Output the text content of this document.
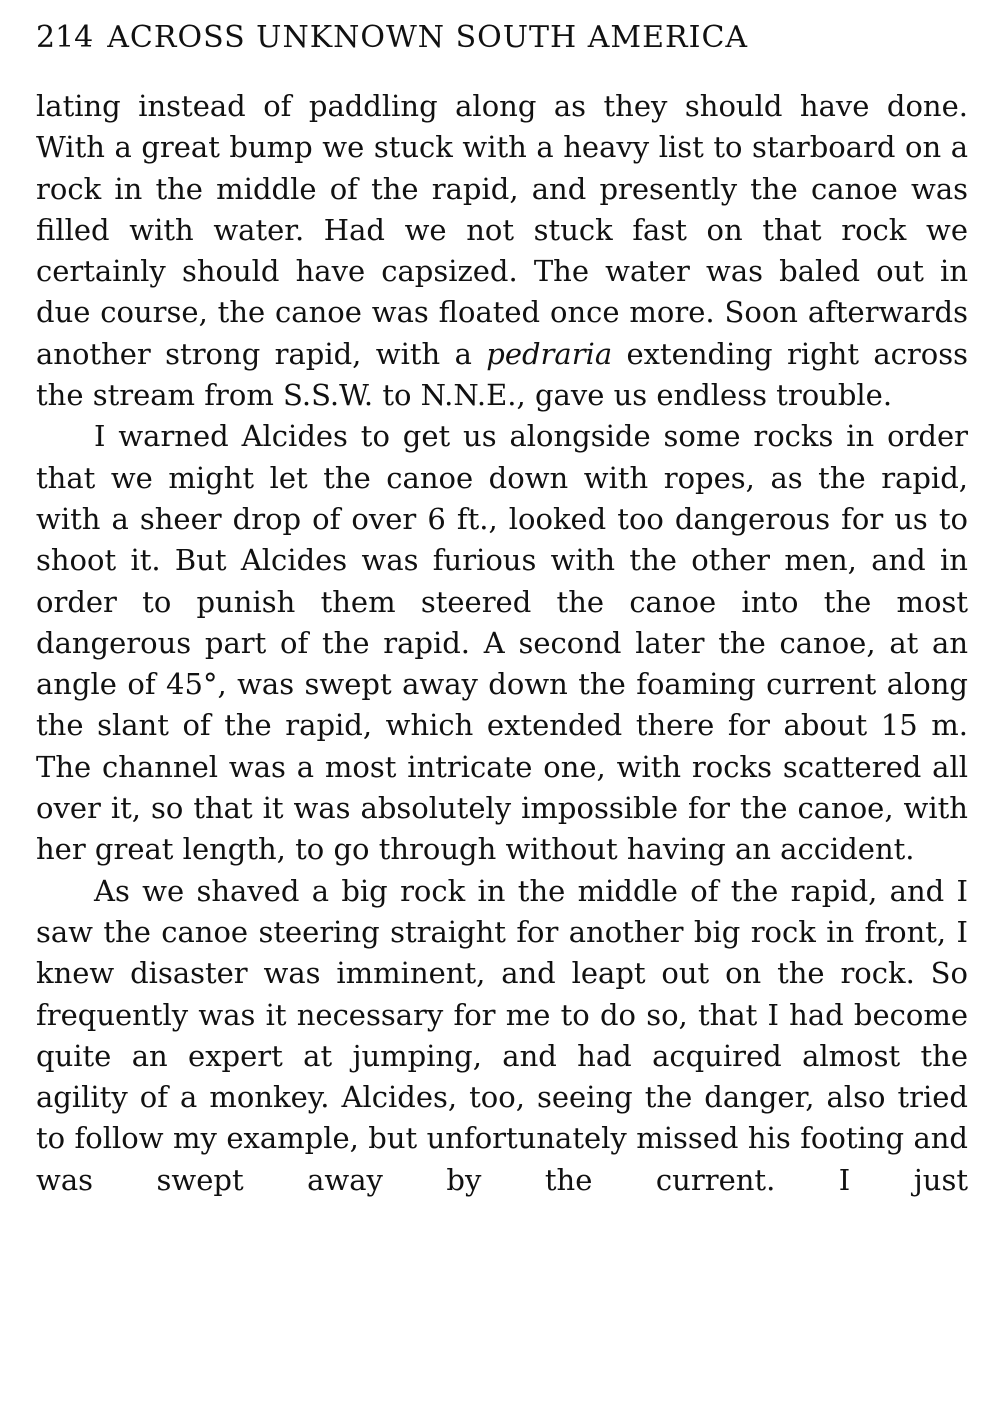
214 ACROSS UNKNOWN SOUTH AMERICA

lating instead of paddling along as they should have done. With a great bump we stuck with a heavy list to starboard on a rock in the middle of the rapid, and presently the canoe was filled with water. Had we not stuck fast on that rock we certainly should have capsized. The water was baled out in due course, the canoe was floated once more. Soon afterwards another strong rapid, with a pedraria extending right across the stream from S.S.W. to N.N.E., gave us endless trouble.

I warned Alcides to get us alongside some rocks in order that we might let the canoe down with ropes, as the rapid, with a sheer drop of over 6 ft., looked too dangerous for us to shoot it. But Alcides was furious with the other men, and in order to punish them steered the canoe into the most dangerous part of the rapid. A second later the canoe, at an angle of 45°, was swept away down the foaming current along the slant of the rapid, which extended there for about 15 m. The channel was a most intricate one, with rocks scattered all over it, so that it was absolutely impossible for the canoe, with her great length, to go through without having an accident.

As we shaved a big rock in the middle of the rapid, and I saw the canoe steering straight for another big rock in front, I knew disaster was imminent, and leapt out on the rock. So frequently was it necessary for me to do so, that I had become quite an expert at jumping, and had acquired almost the agility of a monkey. Alcides, too, seeing the danger, also tried to follow my example, but unfortunately missed his footing and was swept away by the current. I just
